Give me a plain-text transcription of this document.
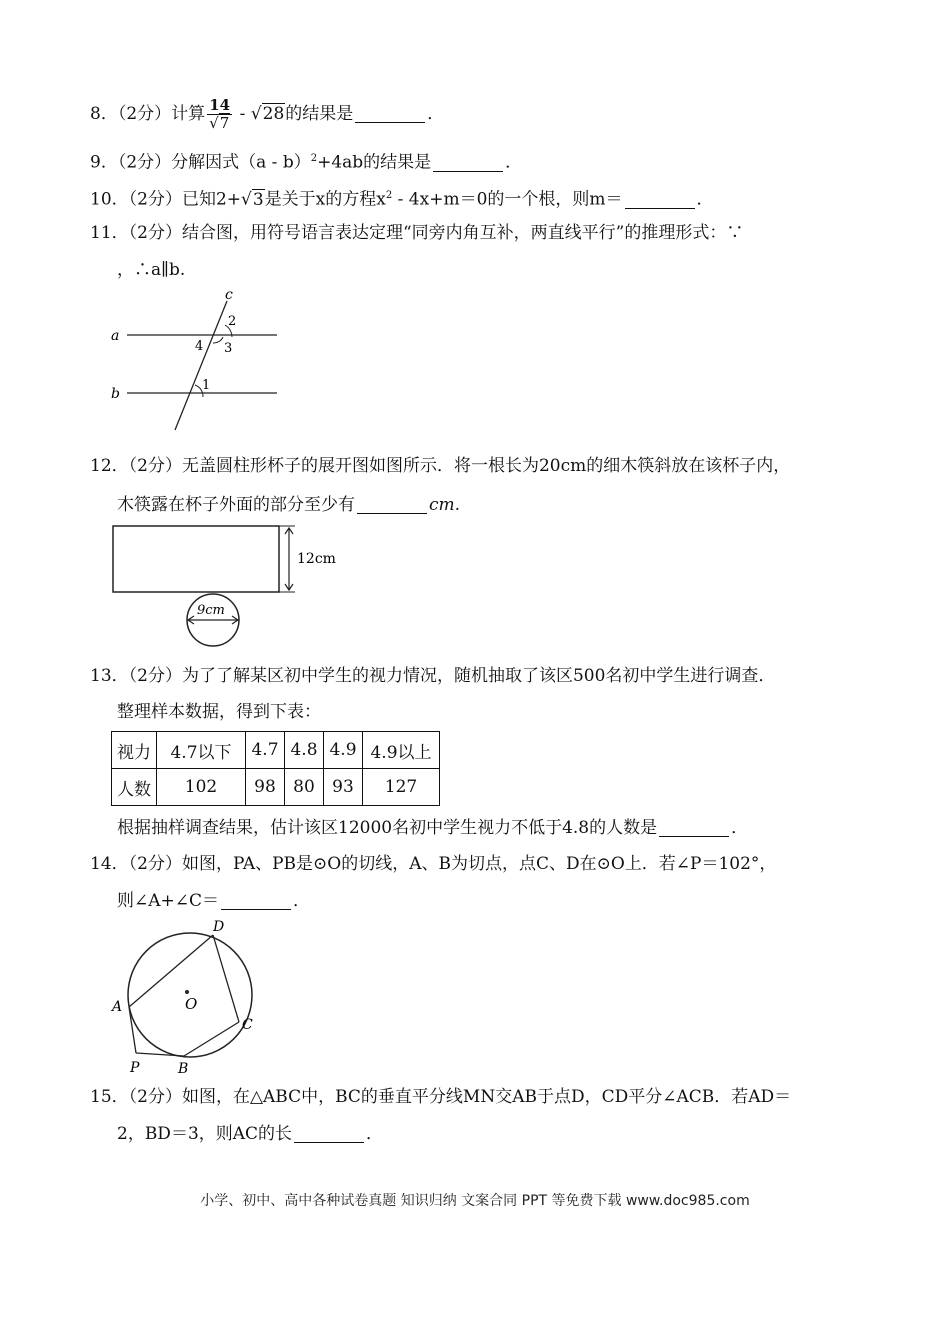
8．（2分）计算 $\frac{14}{√7} - √28$的结果是	．
9．（2分）分解因式（a - b）$^2$+4ab的结果是	．
10．（2分）已知2+√3是关于x的方程$x^2 - 4x+m=0$的一个根，则m＝	．
11．（2分）结合图，用符号语言表达定理“同旁内角互补，两直线平行”的推理形式：∵
，∴a∥b.
c
a
b
2
3
4
1
12．（2分）无盖圆柱形杯子的展开图如图所示．将一根长为20cm的细木筷斜放在该杯子内，
木筷露在杯子外面的部分至少有	cm.
12cm
9cm
13．（2分）为了了解某区初中学生的视力情况，随机抽取了该区500名初中学生进行调查．
整理样本数据，得到下表：
视力	4.7以下	4.7	4.8	4.9	4.9以上
人数	102	98	80	93	127
根据抽样调查结果，估计该区12000名初中学生视力不低于4.8的人数是	．
14．（2分）如图，PA、PB是⊙O的切线，A、B为切点，点C、D在⊙O上．若∠P＝102°，
则∠A+∠C＝	．
D
A	O
C
P	B
15．（2分）如图，在△ABC中，BC的垂直平分线MN交AB于点D，CD平分∠ACB．若AD＝
2，BD＝3，则AC的长	．
小学、初中、高中各种试卷真题 知识归纳 文案合同 PPT 等免费下载 www.doc985.com
